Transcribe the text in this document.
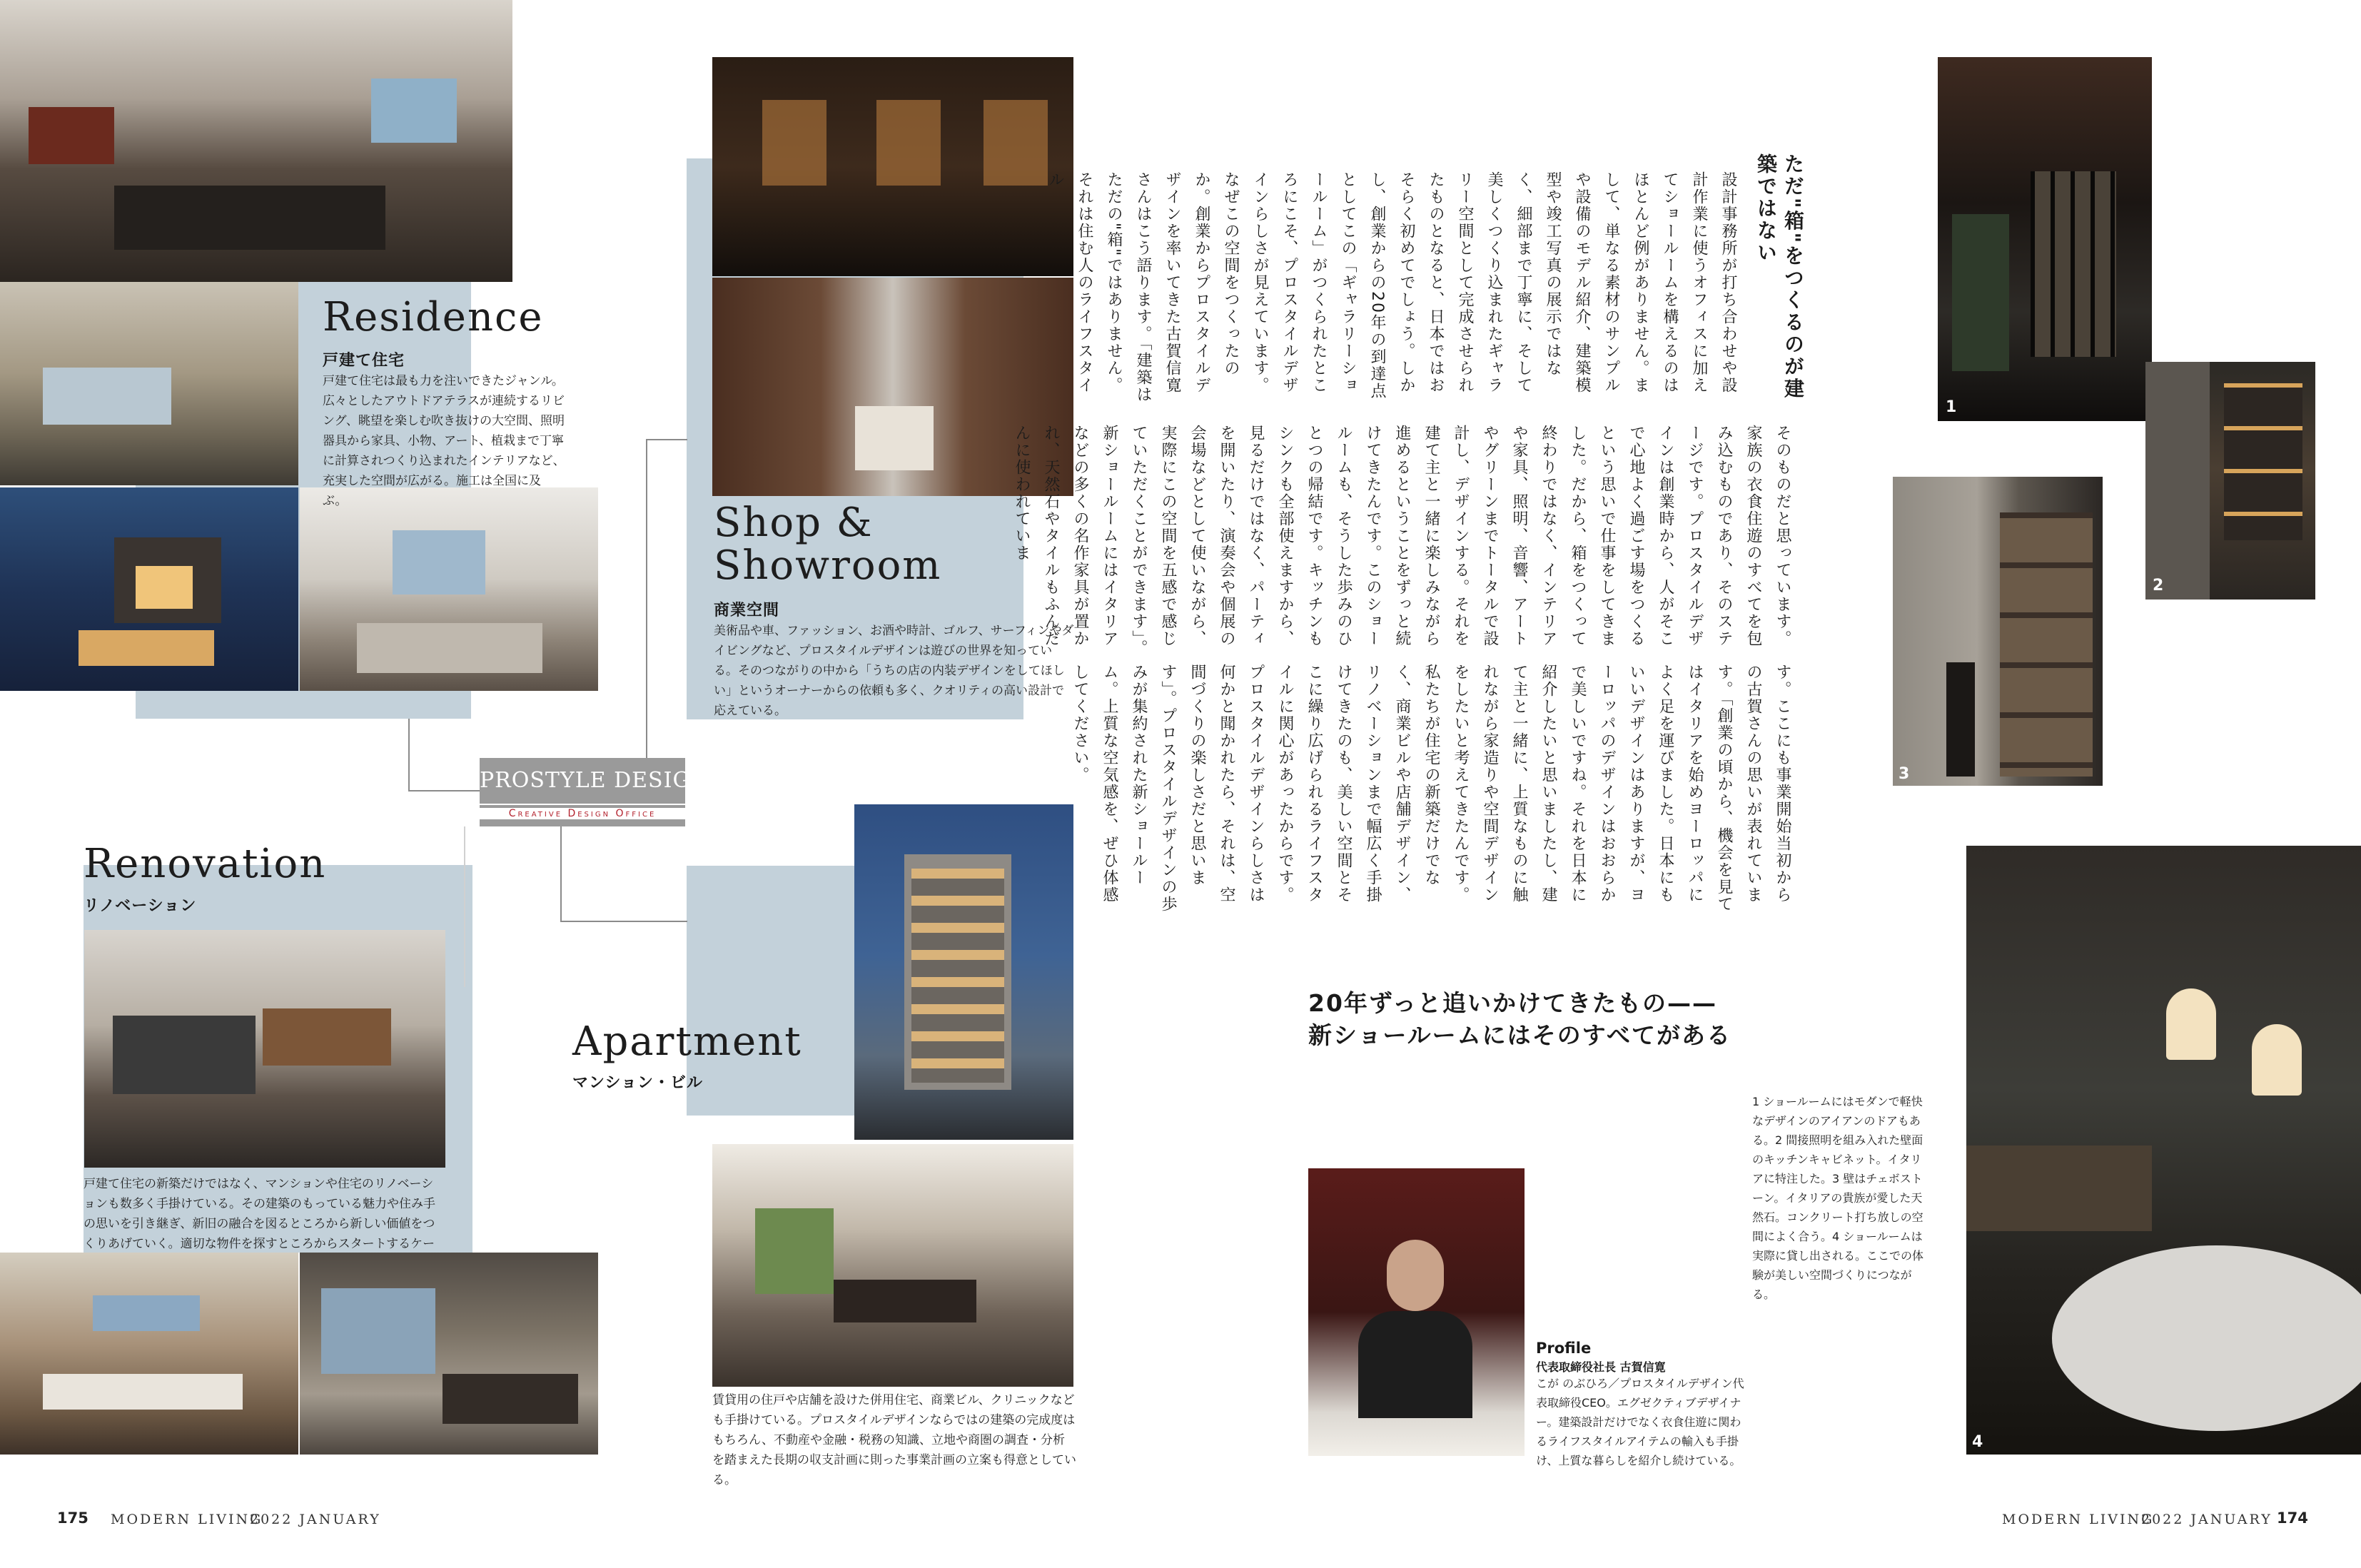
Residence
戸建て住宅
戸建て住宅は最も力を注いできたジャンル。広々としたアウトドアテラスが連続するリビング、眺望を楽しむ吹き抜けの大空間、照明器具から家具、小物、アート、植栽まで丁寧に計算されつくり込まれたインテリアなど、充実した空間が広がる。施工は全国に及ぶ。	Shop &
Showroom
商業空間
美術品や車、ファッション、お酒や時計、ゴルフ、サーフィンやダイビングなど、プロスタイルデザインは遊びの世界を知っている。そのつながりの中から「うちの店の内装デザインをしてほしい」というオーナーからの依頼も多く、クオリティの高い設計で応えている。
PROSTYLE DESIGN
Creative Design Office
Renovation
リノベーション
戸建て住宅の新築だけではなく、マンションや住宅のリノベーションも数多く手掛けている。その建築のもっている魅力や住み手の思いを引き継ぎ、新旧の融合を図るところから新しい価値をつくりあげていく。適切な物件を探すところからスタートするケー
Apartment
マンション・ビル
賃貸用の住戸や店舗を設けた併用住宅、商業ビル、クリニックなども手掛けている。プロスタイルデザインならではの建築の完成度はもちろん、不動産や金融・税務の知識、立地や商圏の調査・分析を踏まえた長期の収支計画に則った事業計画の立案も得意としている。
175 MODERN LIVING
2022 JANUARY
ただ"箱"をつくるのが建築ではない
設計事務所が打ち合わせや設計作業に使うオフィスに加えてショールームを構えるのはほとんど例がありません。まして、単なる素材のサンプルや設備のモデル紹介、建築模型や竣工写真の展示ではなく、細部まで丁寧に、そして美しくつくり込まれたギャラリー空間として完成させられたものとなると、日本ではおそらく初めてでしょう。しかし、創業からの20年の到達点としてこの「ギャラリーショールーム」がつくられたところにこそ、プロスタイルデザインらしさが見えています。なぜこの空間をつくったのか。創業からプロスタイルデザインを率いてきた古賀信寛さんはこう語ります。「建築はただの"箱"ではありません。それは住む人のライフスタイル
そのものだと思っています。家族の衣食住遊のすべてを包み込むものであり、そのステージです。プロスタイルデザインは創業時から、人がそこで心地よく過ごす場をつくるという思いで仕事をしてきました。だから、箱をつくって終わりではなく、インテリアや家具、照明、音響、アートやグリーンまでトータルで設計し、デザインする。それを建て主と一緒に楽しみながら進めるということをずっと続けてきたんです。このショールームも、そうした歩みのひとつの帰結です。キッチンもシンクも全部使えますから、見るだけではなく、パーティを開いたり、演奏会や個展の会場などとして使いながら、実際にこの空間を五感で感じていただくことができます」。新ショールームにはイタリアなどの多くの名作家具が置かれ、天然石やタイルもふんだんに使われていま
す。ここにも事業開始当初からの古賀さんの思いが表れています。「創業の頃から、機会を見てはイタリアを始めヨーロッパによく足を運びました。日本にもいいデザインはありますが、ヨーロッパのデザインはおおらかで美しいですね。それを日本に紹介したいと思いましたし、建て主と一緒に、上質なものに触れながら家造りや空間デザインをしたいと考えてきたんです。私たちが住宅の新築だけでなく、商業ビルや店舗デザイン、リノベーションまで幅広く手掛けてきたのも、美しい空間とそこに繰り広げられるライフスタイルに関心があったからです。プロスタイルデザインらしさは何かと聞かれたら、それは、空間づくりの楽しさだと思います」。プロスタイルデザインの歩みが集約された新ショールーム。上質な空気感を、ぜひ体感してください。
20年ずっと追いかけてきたもの——
新ショールームにはそのすべてがある
1 ショールームにはモダンで軽快なデザインのアイアンのドアもある。2 間接照明を組み入れた壁面のキッチンキャビネット。イタリアに特注した。3 壁はチェボストーン。イタリアの貴族が愛した天然石。コンクリート打ち放しの空間によく合う。4 ショールームは実際に貸し出される。ここでの体験が美しい空間づくりにつながる。
Profile
代表取締役社長 古賀信寛
こが のぶひろ／プロスタイルデザイン代表取締役CEO。エグゼクティブデザイナー。建築設計だけでなく衣食住遊に関わるライフスタイルアイテムの輸入も手掛け、上質な暮らしを紹介し続けている。
1
2
3
4
MODERN LIVING
2022 JANUARY 174
